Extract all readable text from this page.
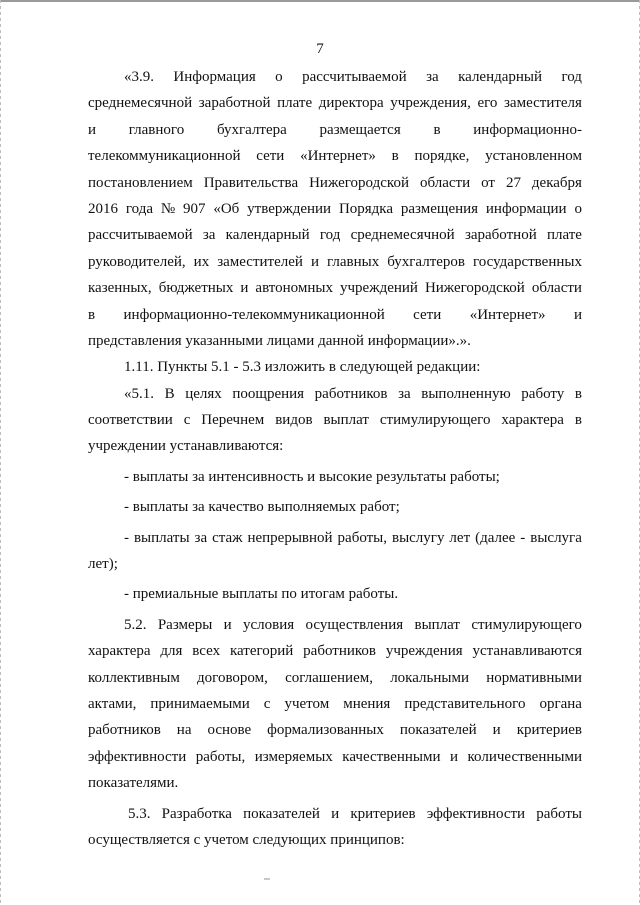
7
«3.9. Информация о рассчитываемой за календарный год
среднемесячной заработной плате директора учреждения, его заместителя
и главного бухгалтера размещается в информационно-
телекоммуникационной сети «Интернет» в порядке, установленном
постановлением Правительства Нижегородской области от 27 декабря
2016 года № 907 «Об утверждении Порядка размещения информации о
рассчитываемой за календарный год среднемесячной заработной плате
руководителей, их заместителей и главных бухгалтеров государственных
казенных, бюджетных и автономных учреждений Нижегородской области
в информационно-телекоммуникационной сети «Интернет» и
представления указанными лицами данной информации».».
1.11. Пункты 5.1 - 5.3 изложить в следующей редакции:
«5.1. В целях поощрения работников за выполненную работу в
соответствии с Перечнем видов выплат стимулирующего характера в
учреждении устанавливаются:
- выплаты за интенсивность и высокие результаты работы;
- выплаты за качество выполняемых работ;
- выплаты за стаж непрерывной работы, выслугу лет (далее - выслуга
лет);
- премиальные выплаты по итогам работы.
5.2. Размеры и условия осуществления выплат стимулирующего
характера для всех категорий работников учреждения устанавливаются
коллективным договором, соглашением, локальными нормативными
актами, принимаемыми с учетом мнения представительного органа
работников на основе формализованных показателей и критериев
эффективности работы, измеряемых качественными и количественными
показателями.
5.3. Разработка показателей и критериев эффективности работы
осуществляется с учетом следующих принципов:
